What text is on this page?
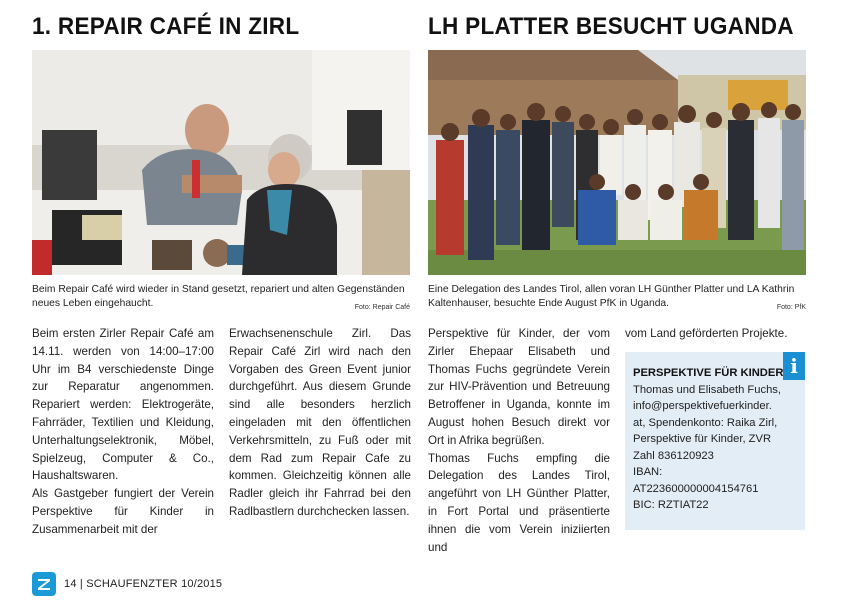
1. REPAIR CAFÉ IN ZIRL	LH PLATTER BESUCHT UGANDA
Beim Repair Café wird wieder in Stand gesetzt, repariert und alten Gegenständen neues Leben eingehaucht.	Foto: Repair Café
Eine Delegation des Landes Tirol, allen voran LH Günther Platter und LA Kathrin Kaltenhauser, besuchte Ende August PfK in Uganda.	Foto: PfK

Beim ersten Zirler Repair Café am 14.11. werden von 14:00–17:00 Uhr im B4 verschiedenste Dinge zur Reparatur angenommen. Repariert werden: Elektrogeräte, Fahrräder, Textilien und Kleidung, Unterhaltungselektronik, Möbel, Spielzeug, Computer & Co., Haushaltswaren.

Als Gastgeber fungiert der Verein Perspektive für Kinder in Zusammenarbeit mit der

Erwachsenenschule Zirl. Das Repair Café Zirl wird nach den Vorgaben des Green Event junior durchgeführt. Aus diesem Grunde sind alle besonders herzlich eingeladen mit den öffentlichen Verkehrsmitteln, zu Fuß oder mit dem Rad zum Repair Cafe zu kommen. Gleichzeitig können alle Radler gleich ihr Fahrrad bei den Radlbastlern durchchecken lassen.

Perspektive für Kinder, der vom Zirler Ehepaar Elisabeth und Thomas Fuchs gegründete Verein zur HIV-Prävention und Betreuung Betroffener in Uganda, konnte im August hohen Besuch direkt vor Ort in Afrika begrüßen.

Thomas Fuchs empfing die Delegation des Landes Tirol, angeführt von LH Günther Platter, in Fort Portal und präsentierte ihnen die vom Verein iniziierten und

vom Land geförderten Projekte.

i
PERSPEKTIVE FÜR KINDER
Thomas und Elisabeth Fuchs,
info@perspektivefuerkinder.
at, Spendenkonto: Raika Zirl,
Perspektive für Kinder, ZVR
Zahl 836120923
IBAN:
AT223600000004154761
BIC: RZTIAT22
14 | SCHAUFENZTER 10/2015
